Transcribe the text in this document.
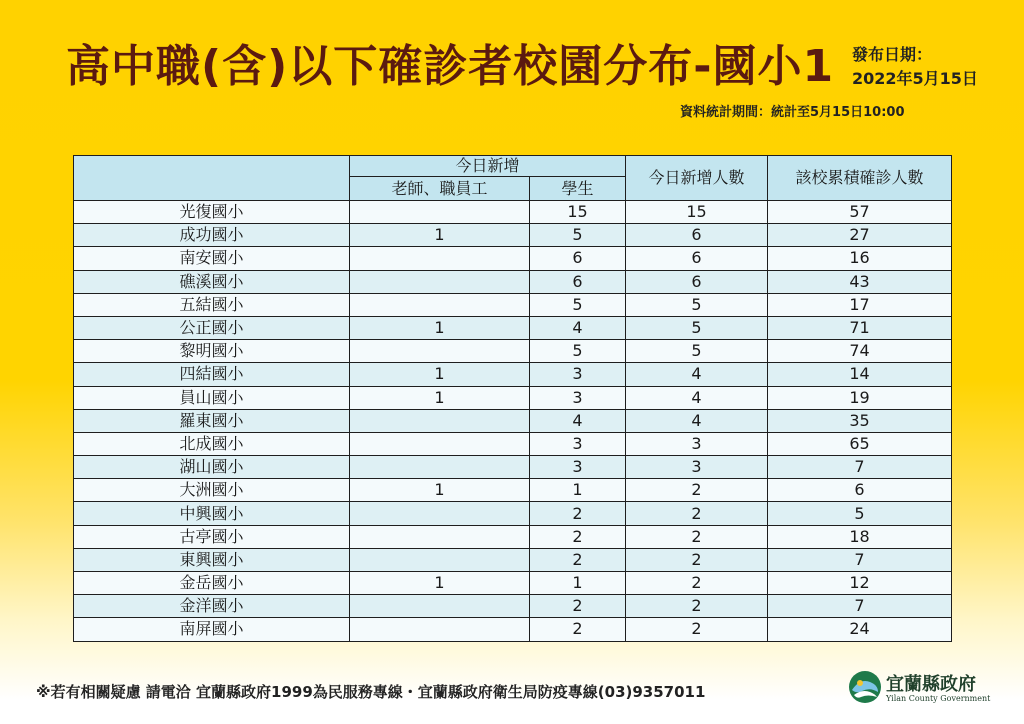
高中職(含)以下確診者校園分布-國小1 發布日期：
2022年5月15日
資料統計期間：統計至5月15日10:00
	今日新增		今日新增人數	該校累積確診人數
	老師、職員工	學生		
光復國小		15	15	57
成功國小	1	5	6	27
南安國小		6	6	16
礁溪國小		6	6	43
五結國小		5	5	17
公正國小	1	4	5	71
黎明國小		5	5	74
四結國小	1	3	4	14
員山國小	1	3	4	19
羅東國小		4	4	35
北成國小		3	3	65
湖山國小		3	3	7
大洲國小	1	1	2	6
中興國小		2	2	5
古亭國小		2	2	18
東興國小		2	2	7
金岳國小	1	1	2	12
金洋國小		2	2	7
南屏國小		2	2	24
※若有相關疑慮 請電洽 宜蘭縣政府1999為民服務專線・宜蘭縣政府衛生局防疫專線(03)9357011	宜蘭縣政府
Yilan County Government
